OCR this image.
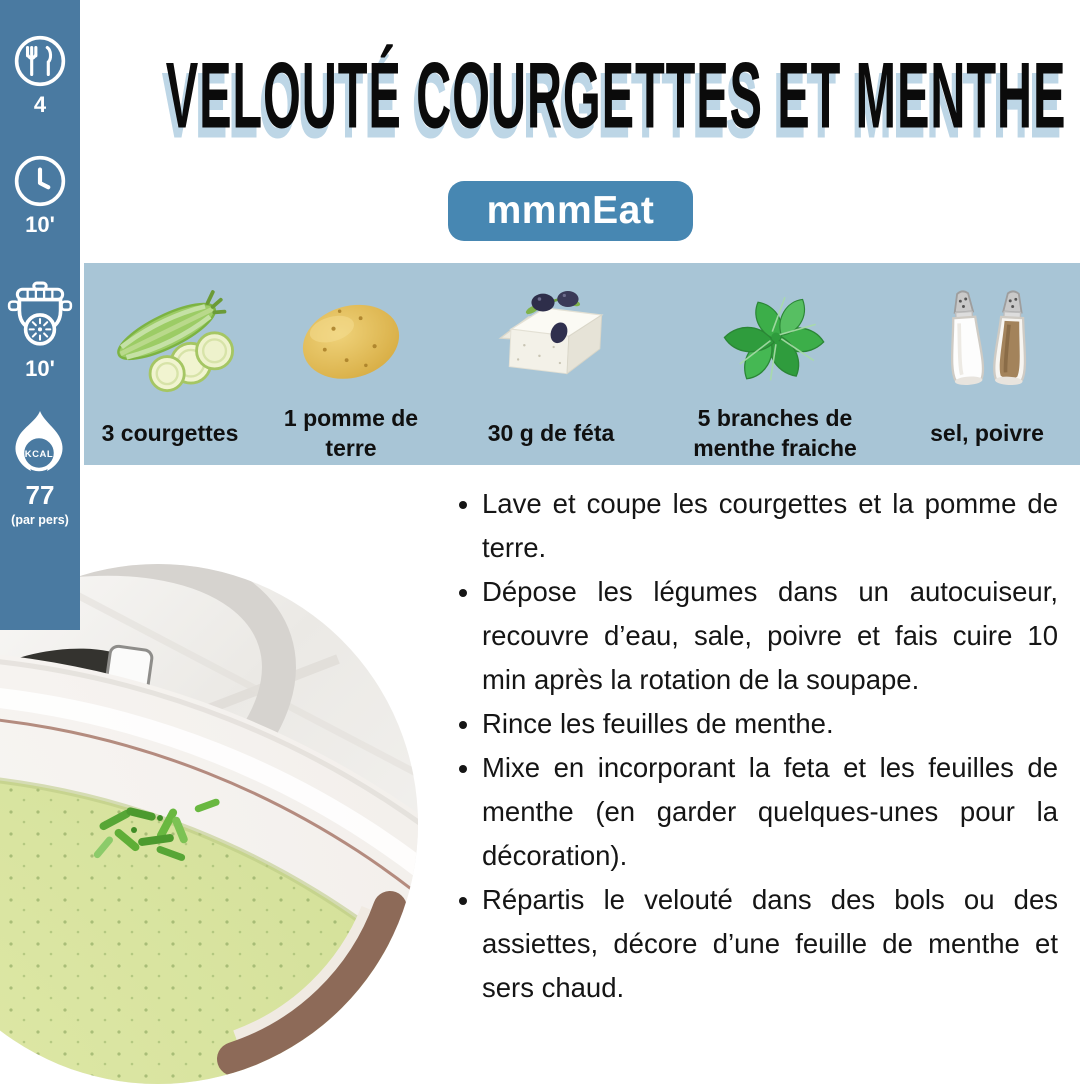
4
10'
10'
KCAL
77
(par pers)
VELOUTÉ COURGETTES ET MENTHE
mmmEat
3 courgettes
1 pomme de terre
30 g de féta
5 branches de menthe fraiche
sel, poivre
• Lave et coupe les courgettes et la pomme de terre.
• Dépose les légumes dans un autocuiseur, recouvre d’eau, sale, poivre et fais cuire 10 min après la rotation de la soupape.
• Rince les feuilles de menthe.
• Mixe en incorporant la feta et les feuilles de menthe (en garder quelques-unes pour la décoration).
• Répartis le velouté dans des bols ou des assiettes, décore d’une feuille de menthe et sers chaud.
